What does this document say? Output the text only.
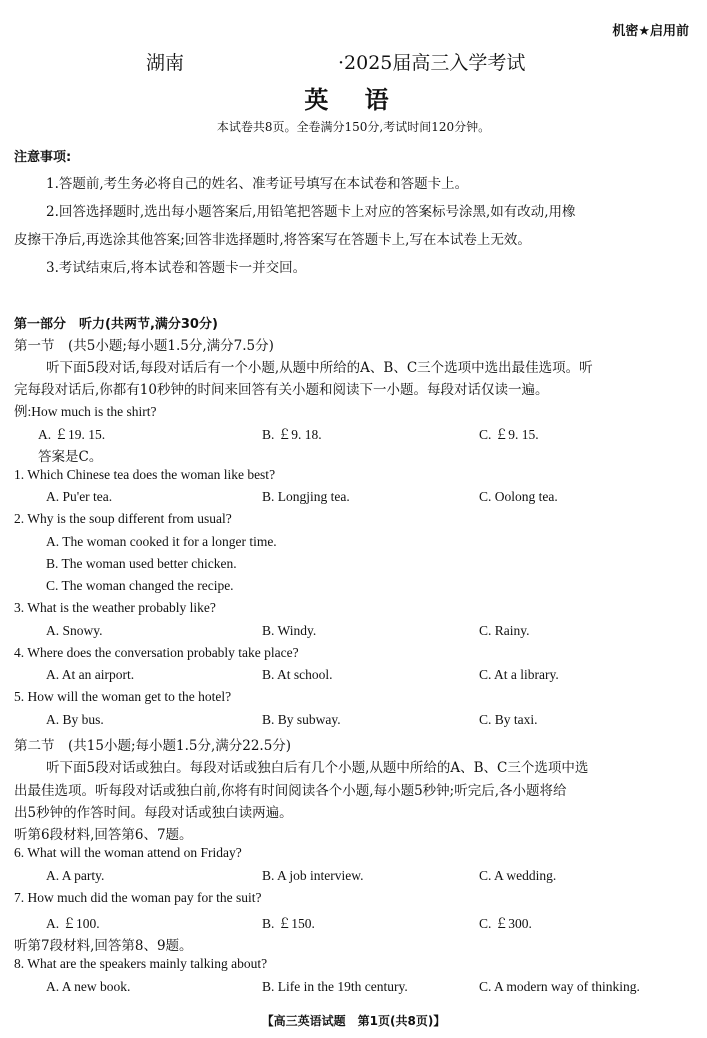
机密★启用前
湖南	·2025届高三入学考试
英 语
本试卷共8页。全卷满分150分,考试时间120分钟。
注意事项:
1.答题前,考生务必将自己的姓名、准考证号填写在本试卷和答题卡上。
2.回答选择题时,选出每小题答案后,用铅笔把答题卡上对应的答案标号涂黑,如有改动,用橡
皮擦干净后,再选涂其他答案;回答非选择题时,将答案写在答题卡上,写在本试卷上无效。
3.考试结束后,将本试卷和答题卡一并交回。
第一部分　听力(共两节,满分30分)
第一节　(共5小题;每小题1.5分,满分7.5分)
听下面5段对话,每段对话后有一个小题,从题中所给的A、B、C三个选项中选出最佳选项。听
完每段对话后,你都有10秒钟的时间来回答有关小题和阅读下一小题。每段对话仅读一遍。
例:How much is the shirt?
A. ￡19. 15.	B. ￡9. 18.	C. ￡9. 15.
答案是C。
1. Which Chinese tea does the woman like best?
A. Pu'er tea.	B. Longjing tea.	C. Oolong tea.
2. Why is the soup different from usual?
A. The woman cooked it for a longer time.
B. The woman used better chicken.
C. The woman changed the recipe.
3. What is the weather probably like?
A. Snowy.	B. Windy.	C. Rainy.
4. Where does the conversation probably take place?
A. At an airport.	B. At school.	C. At a library.
5. How will the woman get to the hotel?
A. By bus.	B. By subway.	C. By taxi.
第二节　(共15小题;每小题1.5分,满分22.5分)
听下面5段对话或独白。每段对话或独白后有几个小题,从题中所给的A、B、C三个选项中选
出最佳选项。听每段对话或独白前,你将有时间阅读各个小题,每小题5秒钟;听完后,各小题将给
出5秒钟的作答时间。每段对话或独白读两遍。
听第6段材料,回答第6、7题。
6. What will the woman attend on Friday?
A. A party.	B. A job interview.	C. A wedding.
7. How much did the woman pay for the suit?
A. ￡100.	B. ￡150.	C. ￡300.
听第7段材料,回答第8、9题。
8. What are the speakers mainly talking about?
A. A new book.	B. Life in the 19th century.	C. A modern way of thinking.
【高三英语试题　第1页(共8页)】
